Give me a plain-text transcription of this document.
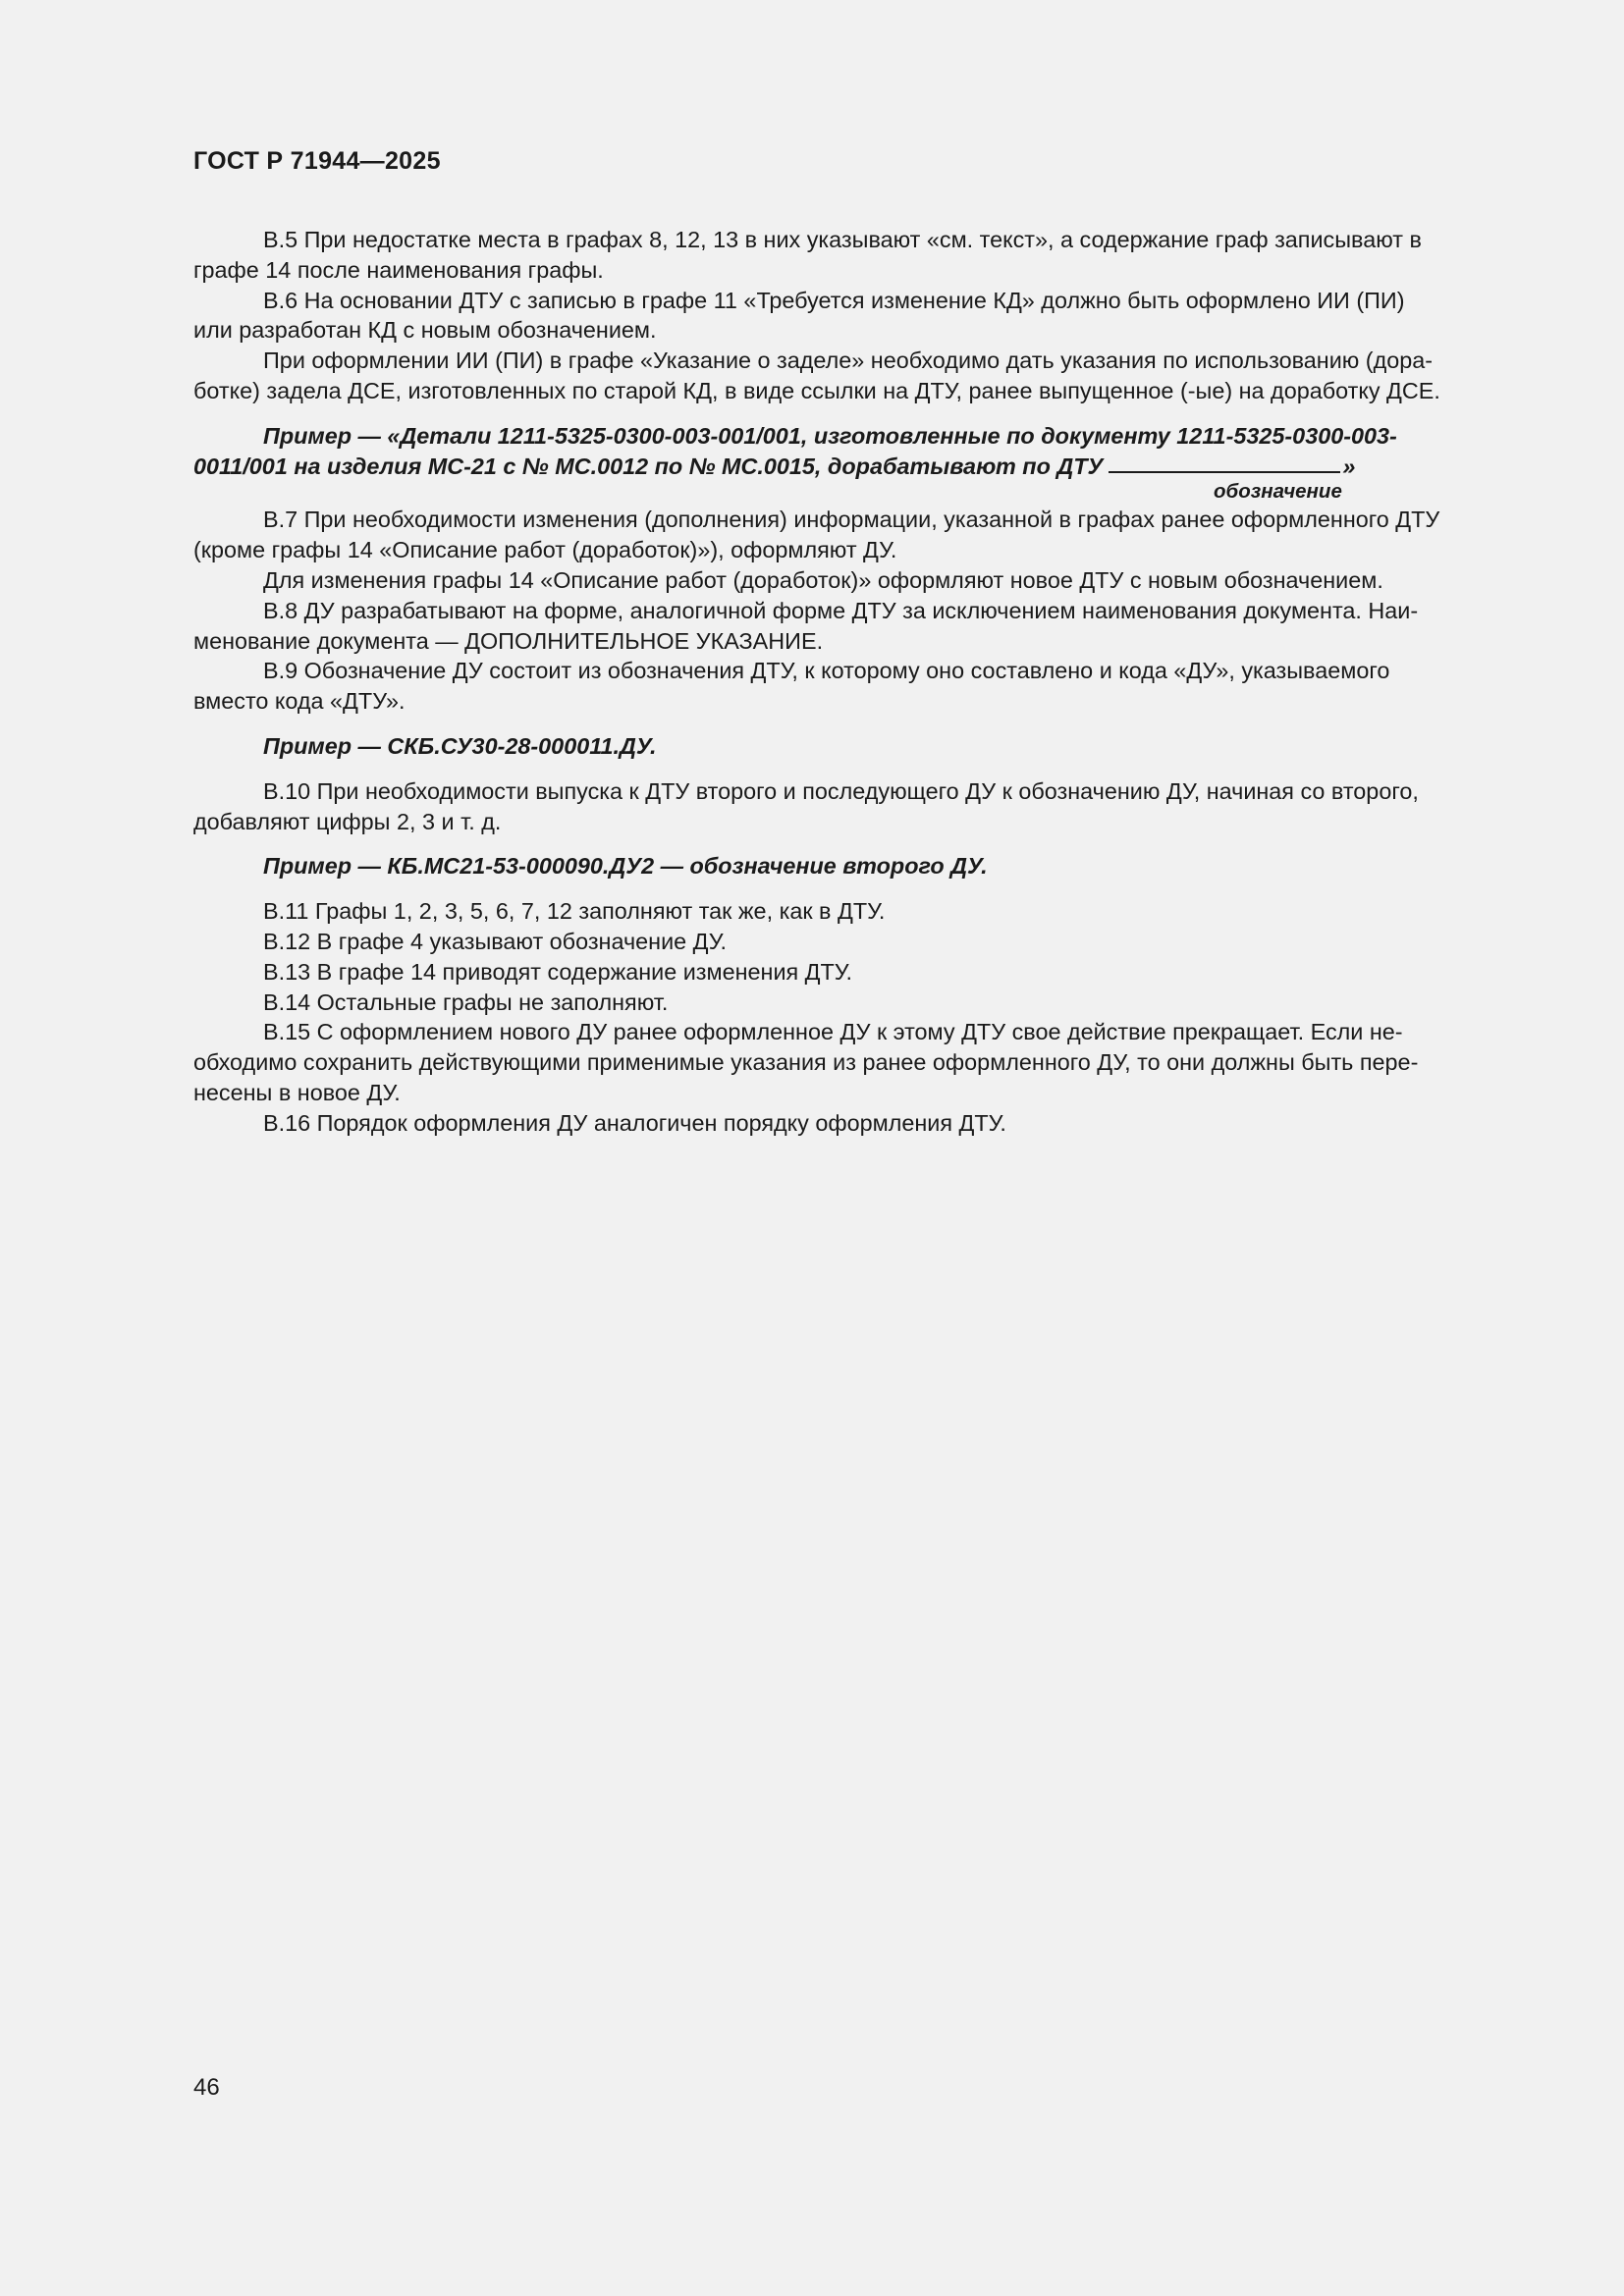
ГОСТ Р 71944—2025

В.5 При недостатке места в графах 8, 12, 13 в них указывают «см. текст», а содержание граф записывают в

графе 14 после наименования графы.

В.6 На основании ДТУ с записью в графе 11 «Требуется изменение КД» должно быть оформлено ИИ (ПИ)

или разработан КД с новым обозначением.

При оформлении ИИ (ПИ) в графе «Указание о заделе» необходимо дать указания по использованию (дора-

ботке) задела ДСЕ, изготовленных по старой КД, в виде ссылки на ДТУ, ранее выпущенное (-ые) на доработку ДСЕ.

Пример — «Детали 1211-5325-0300-003-001/001, изготовленные по документу 1211-5325-0300-003-

0011/001 на изделия МС-21 с № МС.0012 по № МС.0015, дорабатывают по ДТУ	»

обозначение

В.7 При необходимости изменения (дополнения) информации, указанной в графах ранее оформленного ДТУ

(кроме графы 14 «Описание работ (доработок)»), оформляют ДУ.

Для изменения графы 14 «Описание работ (доработок)» оформляют новое ДТУ с новым обозначением.

В.8 ДУ разрабатывают на форме, аналогичной форме ДТУ за исключением наименования документа. Наи-

менование документа — ДОПОЛНИТЕЛЬНОЕ УКАЗАНИЕ.

В.9 Обозначение ДУ состоит из обозначения ДТУ, к которому оно составлено и кода «ДУ», указываемого

вместо кода «ДТУ».

Пример — СКБ.СУ30-28-000011.ДУ.

В.10 При необходимости выпуска к ДТУ второго и последующего ДУ к обозначению ДУ, начиная со второго,

добавляют цифры 2, 3 и т. д.

Пример — КБ.МС21-53-000090.ДУ2 — обозначение второго ДУ.

В.11 Графы 1, 2, 3, 5, 6, 7, 12 заполняют так же, как в ДТУ.

В.12 В графе 4 указывают обозначение ДУ.

В.13 В графе 14 приводят содержание изменения ДТУ.

В.14 Остальные графы не заполняют.

В.15 С оформлением нового ДУ ранее оформленное ДУ к этому ДТУ свое действие прекращает. Если не-

обходимо сохранить действующими применимые указания из ранее оформленного ДУ, то они должны быть пере-

несены в новое ДУ.

В.16 Порядок оформления ДУ аналогичен порядку оформления ДТУ.

46
